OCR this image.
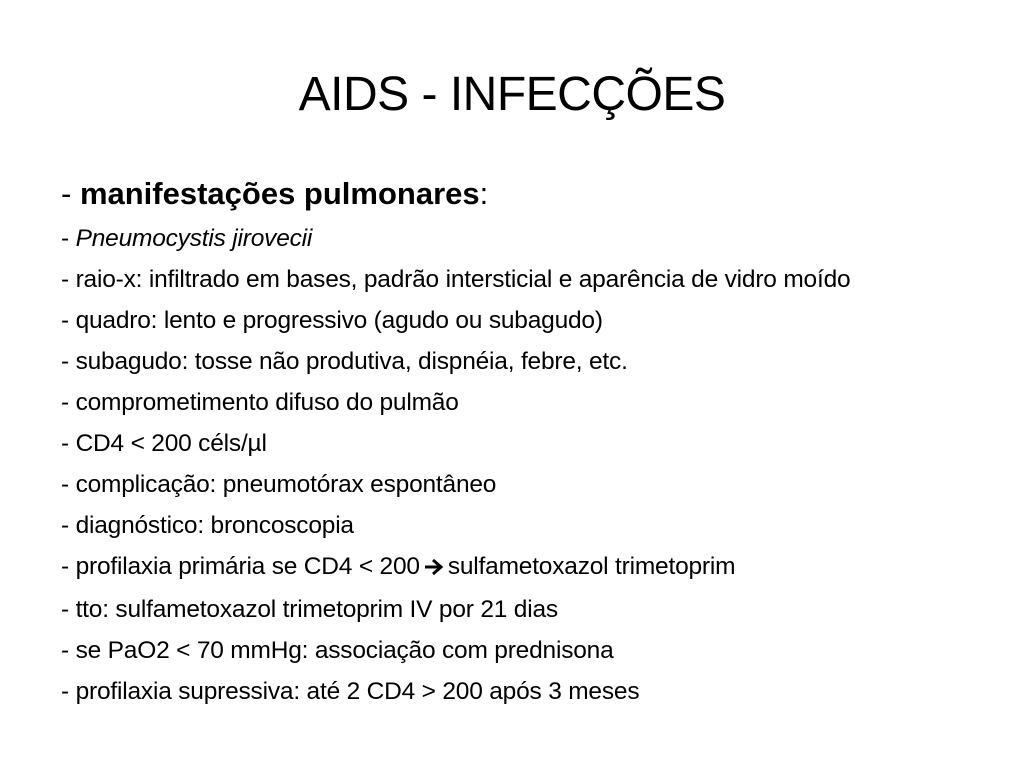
AIDS - INFECÇÕES
- manifestações pulmonares:
- Pneumocystis jirovecii
- raio-x: infiltrado em bases, padrão intersticial e aparência de vidro moído
- quadro: lento e progressivo (agudo ou subagudo)
- subagudo: tosse não produtiva, dispnéia, febre, etc.
- comprometimento difuso do pulmão
- CD4 < 200 céls/µl
- complicação: pneumotórax espontâneo
- diagnóstico: broncoscopia
- profilaxia primária se CD4 < 200 sulfametoxazol trimetoprim
- tto: sulfametoxazol trimetoprim IV por 21 dias
- se PaO2 < 70 mmHg: associação com prednisona
- profilaxia supressiva: até 2 CD4 > 200 após 3 meses
